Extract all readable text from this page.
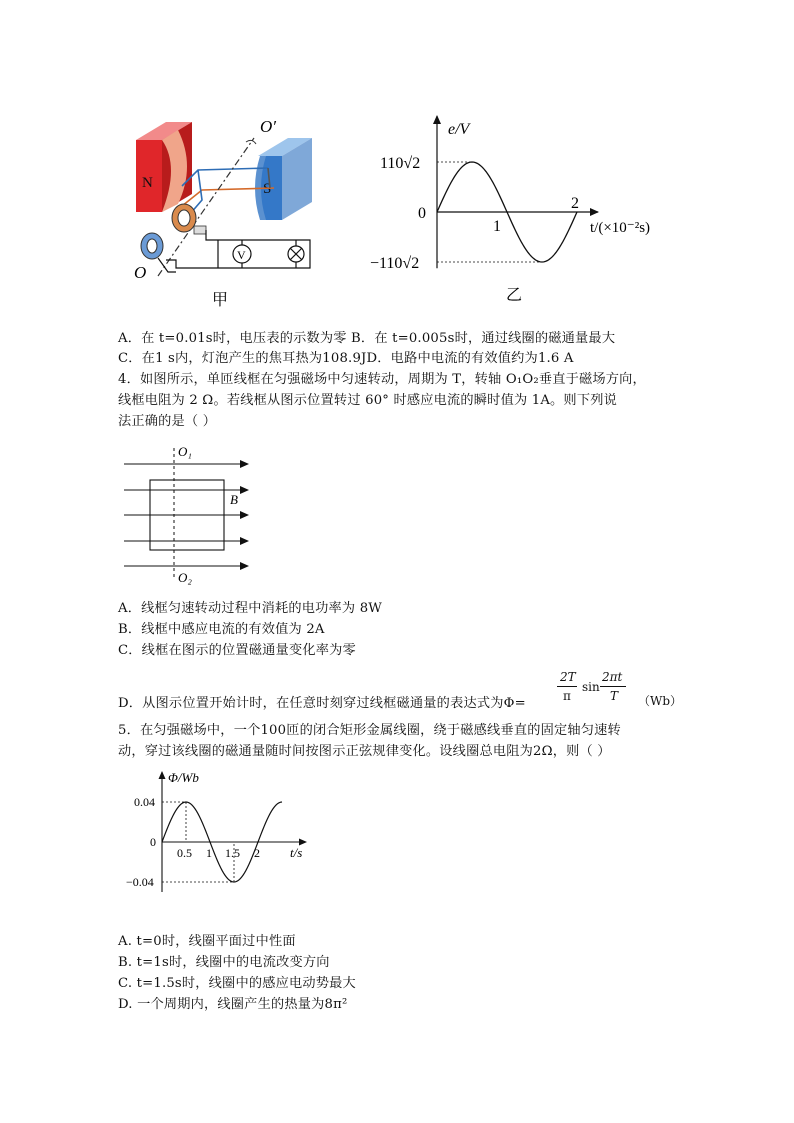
N	S
O′
O
V
甲
e/V
110√2
0
−110√2
1
2
t/(×10⁻²s)
乙
A．在 t=0.01s时，电压表的示数为零 B．在 t=0.005s时，通过线圈的磁通量最大
C．在1 s内，灯泡产生的焦耳热为108.9JD．电路中电流的有效值约为1.6 A
4．如图所示，单匝线框在匀强磁场中匀速转动，周期为 T，转轴 O₁O₂垂直于磁场方向，
线框电阻为 2 Ω。若线框从图示位置转过 60° 时感应电流的瞬时值为 1A。则下列说
法正确的是（ ）
O₁
O₂
B
A．线框匀速转动过程中消耗的电功率为 8W
B．线框中感应电流的有效值为 2A
C．线框在图示的位置磁通量变化率为零
D．从图示位置开始计时，在任意时刻穿过线框磁通量的表达式为Φ=
2T
π
sin
2πt
T （Wb）
5．在匀强磁场中，一个100匝的闭合矩形金属线圈，绕于磁感线垂直的固定轴匀速转
动，穿过该线圈的磁通量随时间按图示正弦规律变化。设线圈总电阻为2Ω，则（ ）
Φ/Wb
0.04
0
−0.04
0.5 1 1.5 2 t/s
A. t=0时，线圈平面过中性面
B. t=1s时，线圈中的电流改变方向
C. t=1.5s时，线圈中的感应电动势最大
D. 一个周期内，线圈产生的热量为8π²
